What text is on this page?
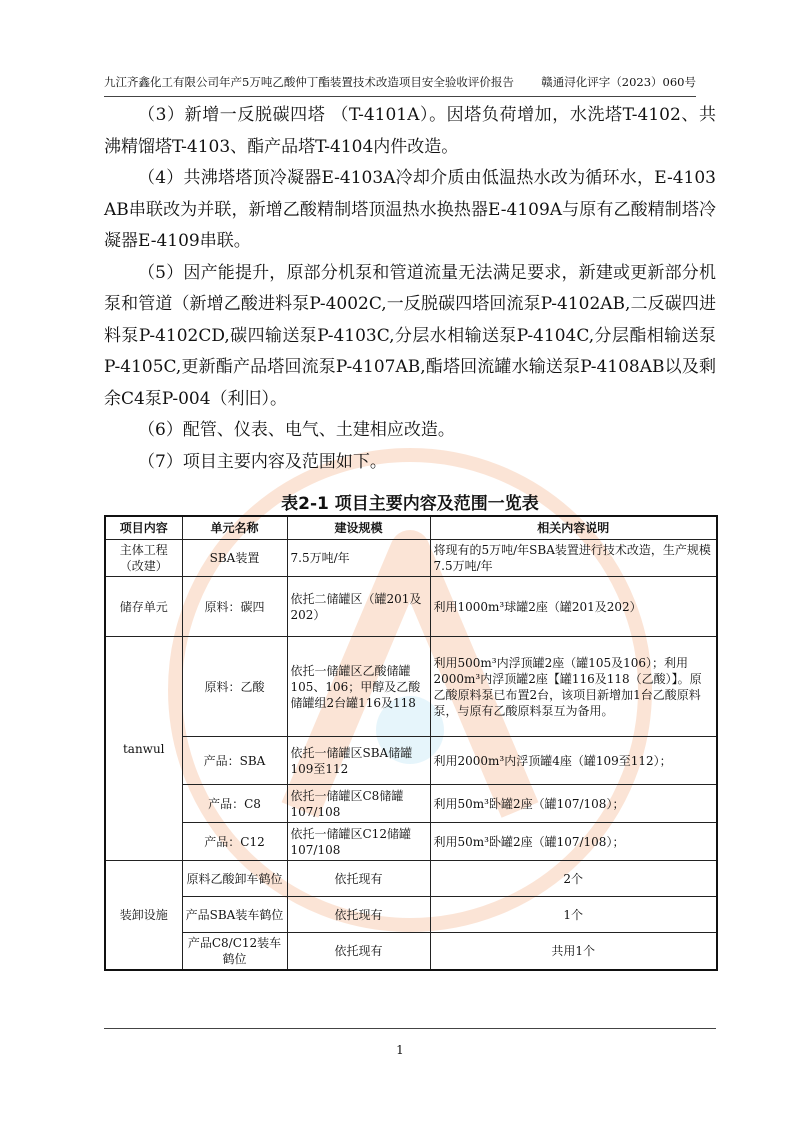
九江齐鑫化工有限公司年产5万吨乙酸仲丁酯装置技术改造项目安全验收评价报告 赣通浔化评字（2023）060号

（3）新增一反脱碳四塔 （T-4101A）。因塔负荷增加，水洗塔T-4102、共沸精馏塔T-4103、酯产品塔T-4104内件改造。

（4）共沸塔塔顶冷凝器E-4103A冷却介质由低温热水改为循环水，E-4103AB串联改为并联，新增乙酸精制塔顶温热水换热器E-4109A与原有乙酸精制塔冷凝器E-4109串联。

（5）因产能提升，原部分机泵和管道流量无法满足要求，新建或更新部分机泵和管道（新增乙酸进料泵P-4002C,一反脱碳四塔回流泵P-4102AB,二反碳四进料泵P-4102CD,碳四输送泵P-4103C,分层水相输送泵P-4104C,分层酯相输送泵P-4105C,更新酯产品塔回流泵P-4107AB,酯塔回流罐水输送泵P-4108AB以及剩余C4泵P-004（利旧）。

（6）配管、仪表、电气、土建相应改造。

（7）项目主要内容及范围如下。

表2-1 项目主要内容及范围一览表
项目内容	单元名称	建设规模	相关内容说明
主体工程（改建）	SBA装置	7.5万吨/年	将现有的5万吨/年SBA装置进行技术改造，生产规模7.5万吨/年
储存单元	原料：碳四	依托二储罐区（罐201及202）	利用1000m³球罐2座（罐201及202）
tanwul	原料：乙酸	依托一储罐区乙酸储罐105、106；甲醇及乙酸储罐组2台罐116及118	利用500m³内浮顶罐2座（罐105及106）；利用2000m³内浮顶罐2座【罐116及118（乙酸）】。原乙酸原料泵已布置2台，该项目新增加1台乙酸原料泵，与原有乙酸原料泵互为备用。
	产品：SBA	依托一储罐区SBA储罐109至112	利用2000m³内浮顶罐4座（罐109至112）；
	产品：C8	依托一储罐区C8储罐107/108	利用50m³卧罐2座（罐107/108）；
	产品：C12	依托一储罐区C12储罐107/108	利用50m³卧罐2座（罐107/108）；
装卸设施	原料乙酸卸车鹤位	依托现有	2个
	产品SBA装车鹤位	依托现有	1个
	产品C8/C12装车鹤位	依托现有	共用1个
1
